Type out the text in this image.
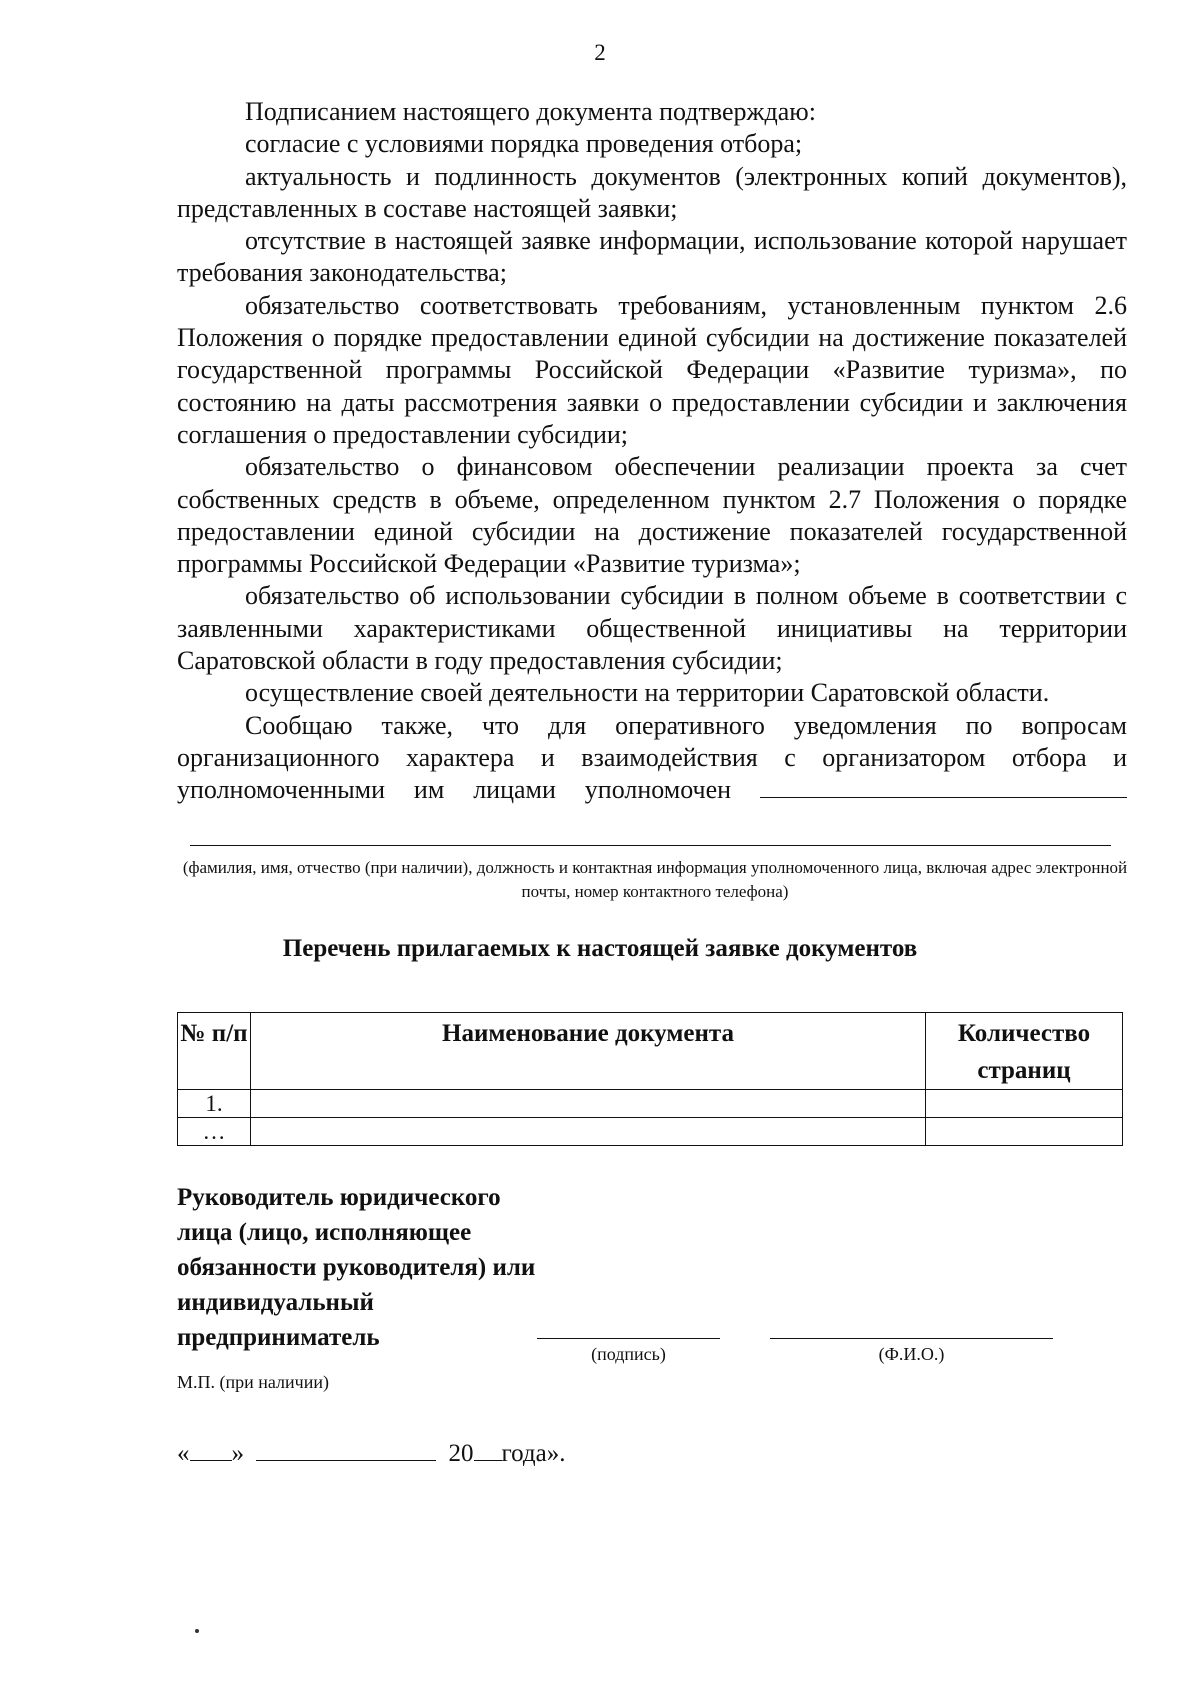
2

Подписанием настоящего документа подтверждаю:

согласие с условиями порядка проведения отбора;

актуальность и подлинность документов (электронных копий документов), представленных в составе настоящей заявки;

отсутствие в настоящей заявке информации, использование которой нарушает требования законодательства;

обязательство соответствовать требованиям, установленным пунктом 2.6 Положения о порядке предоставлении единой субсидии на достижение показателей государственной программы Российской Федерации «Развитие туризма», по состоянию на даты рассмотрения заявки о предоставлении субсидии и заключения соглашения о предоставлении субсидии;

обязательство о финансовом обеспечении реализации проекта за счет собственных средств в объеме, определенном пунктом 2.7 Положения о порядке предоставлении единой субсидии на достижение показателей государственной программы Российской Федерации «Развитие туризма»;

обязательство об использовании субсидии в полном объеме в соответствии с заявленными характеристиками общественной инициативы на территории Саратовской области в году предоставления субсидии;

осуществление своей деятельности на территории Саратовской области.

Сообщаю также, что для оперативного уведомления по вопросам организационного характера и взаимодействия с организатором отбора и уполномоченными им лицами уполномочен

(фамилия, имя, отчество (при наличии), должность и контактная информация уполномоченного лица, включая адрес электронной почты, номер контактного телефона)
Перечень прилагаемых к настоящей заявке документов
№ п/п	Наименование документа	Количество страниц
1.		
…		
Руководитель юридического лица (лицо, исполняющее обязанности руководителя) или индивидуальный предприниматель
(подпись)	(Ф.И.О.)
М.П. (при наличии)
« »	20 года».
